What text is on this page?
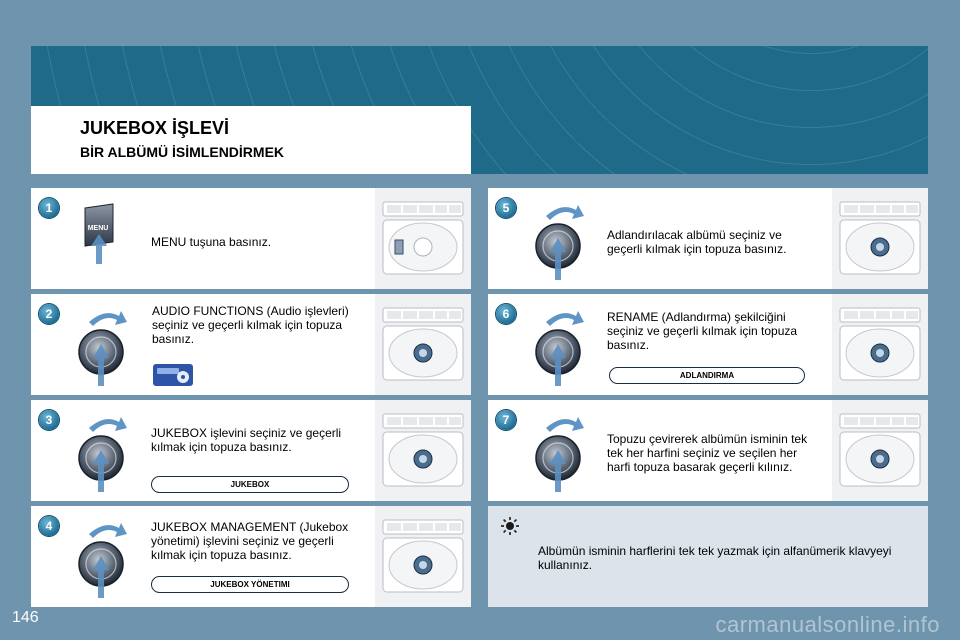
JUKEBOX İŞLEVİ
BİR ALBÜMÜ İSİMLENDİRMEK
1
MENU
MENU tuşuna basınız.
2	AUDIO FUNCTIONS (Audio işlevleri) seçiniz ve geçerli kılmak için topuza basınız.
3
JUKEBOX işlevini seçiniz ve geçerli kılmak için topuza basınız.
JUKEBOX
4	JUKEBOX MANAGEMENT (Jukebox yönetimi) işlevini seçiniz ve geçerli kılmak için topuza basınız.
JUKEBOX YÖNETIMI
5
Adlandırılacak albümü seçiniz ve geçerli kılmak için topuza basınız.
6	RENAME (Adlandırma) şekilciğini seçiniz ve geçerli kılmak için topuza basınız.
ADLANDIRMA
7
Topuzu çevirerek albümün isminin tek tek her harfini seçiniz ve seçilen her harfi topuza basarak geçerli kılınız.
Albümün isminin harflerini tek tek yazmak için alfanümerik klavyeyi kullanınız.
146	carmanualsonline.info
